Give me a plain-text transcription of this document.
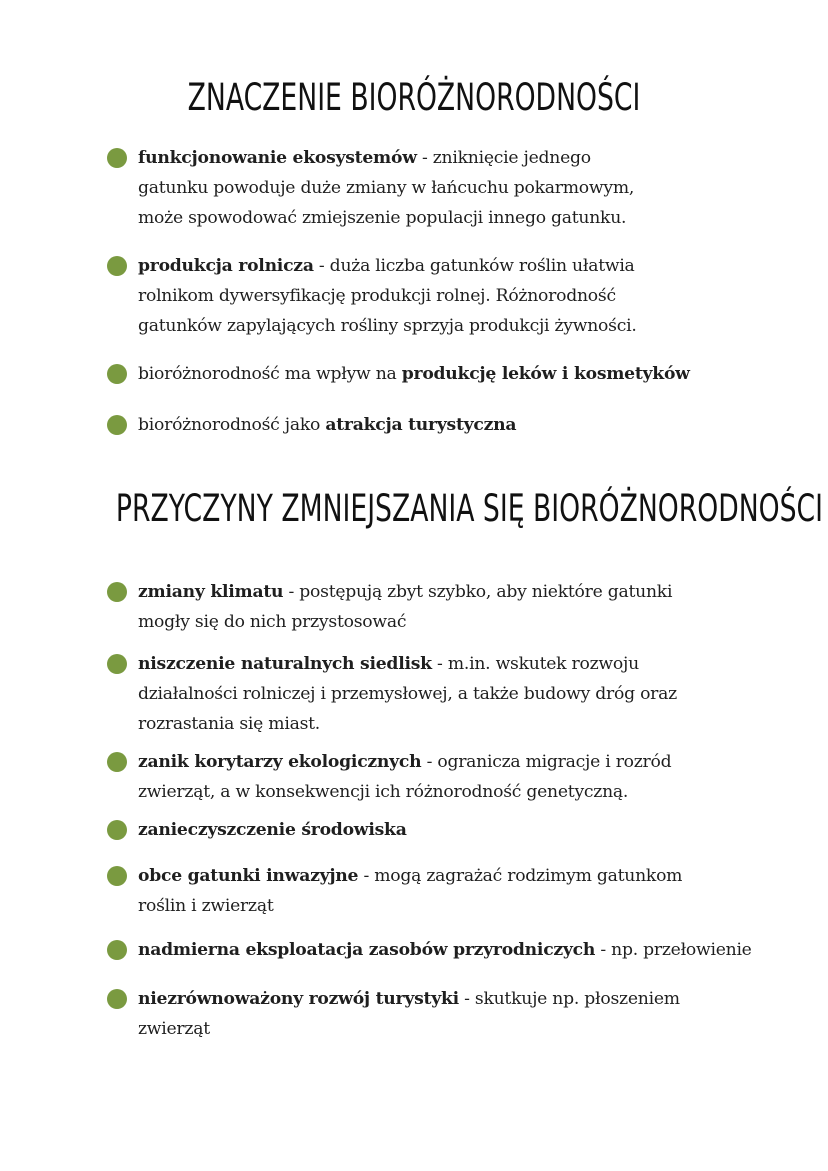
ZNACZENIE BIORÓŻNORODNOŚCI

funkcjonowanie ekosystemów - zniknięcie jednego
gatunku powoduje duże zmiany w łańcuchu pokarmowym,
może spowodować zmiejszenie populacji innego gatunku.

produkcja rolnicza - duża liczba gatunków roślin ułatwia
rolnikom dywersyfikację produkcji rolnej. Różnorodność
gatunków zapylających rośliny sprzyja produkcji żywności.

bioróżnorodność ma wpływ na produkcję leków i kosmetyków

bioróżnorodność jako atrakcja turystyczna

PRZYCZYNY ZMNIEJSZANIA SIĘ BIORÓŻNORODNOŚCI

zmiany klimatu - postępują zbyt szybko, aby niektóre gatunki
mogły się do nich przystosować

niszczenie naturalnych siedlisk - m.in. wskutek rozwoju
działalności rolniczej i przemysłowej, a także budowy dróg oraz
rozrastania się miast.

zanik korytarzy ekologicznych - ogranicza migracje i rozród
zwierząt, a w konsekwencji ich różnorodność genetyczną.

zanieczyszczenie środowiska

obce gatunki inwazyjne - mogą zagrażać rodzimym gatunkom
roślin i zwierząt

nadmierna eksploatacja zasobów przyrodniczych - np. przełowienie

niezrównoważony rozwój turystyki - skutkuje np. płoszeniem
zwierząt
